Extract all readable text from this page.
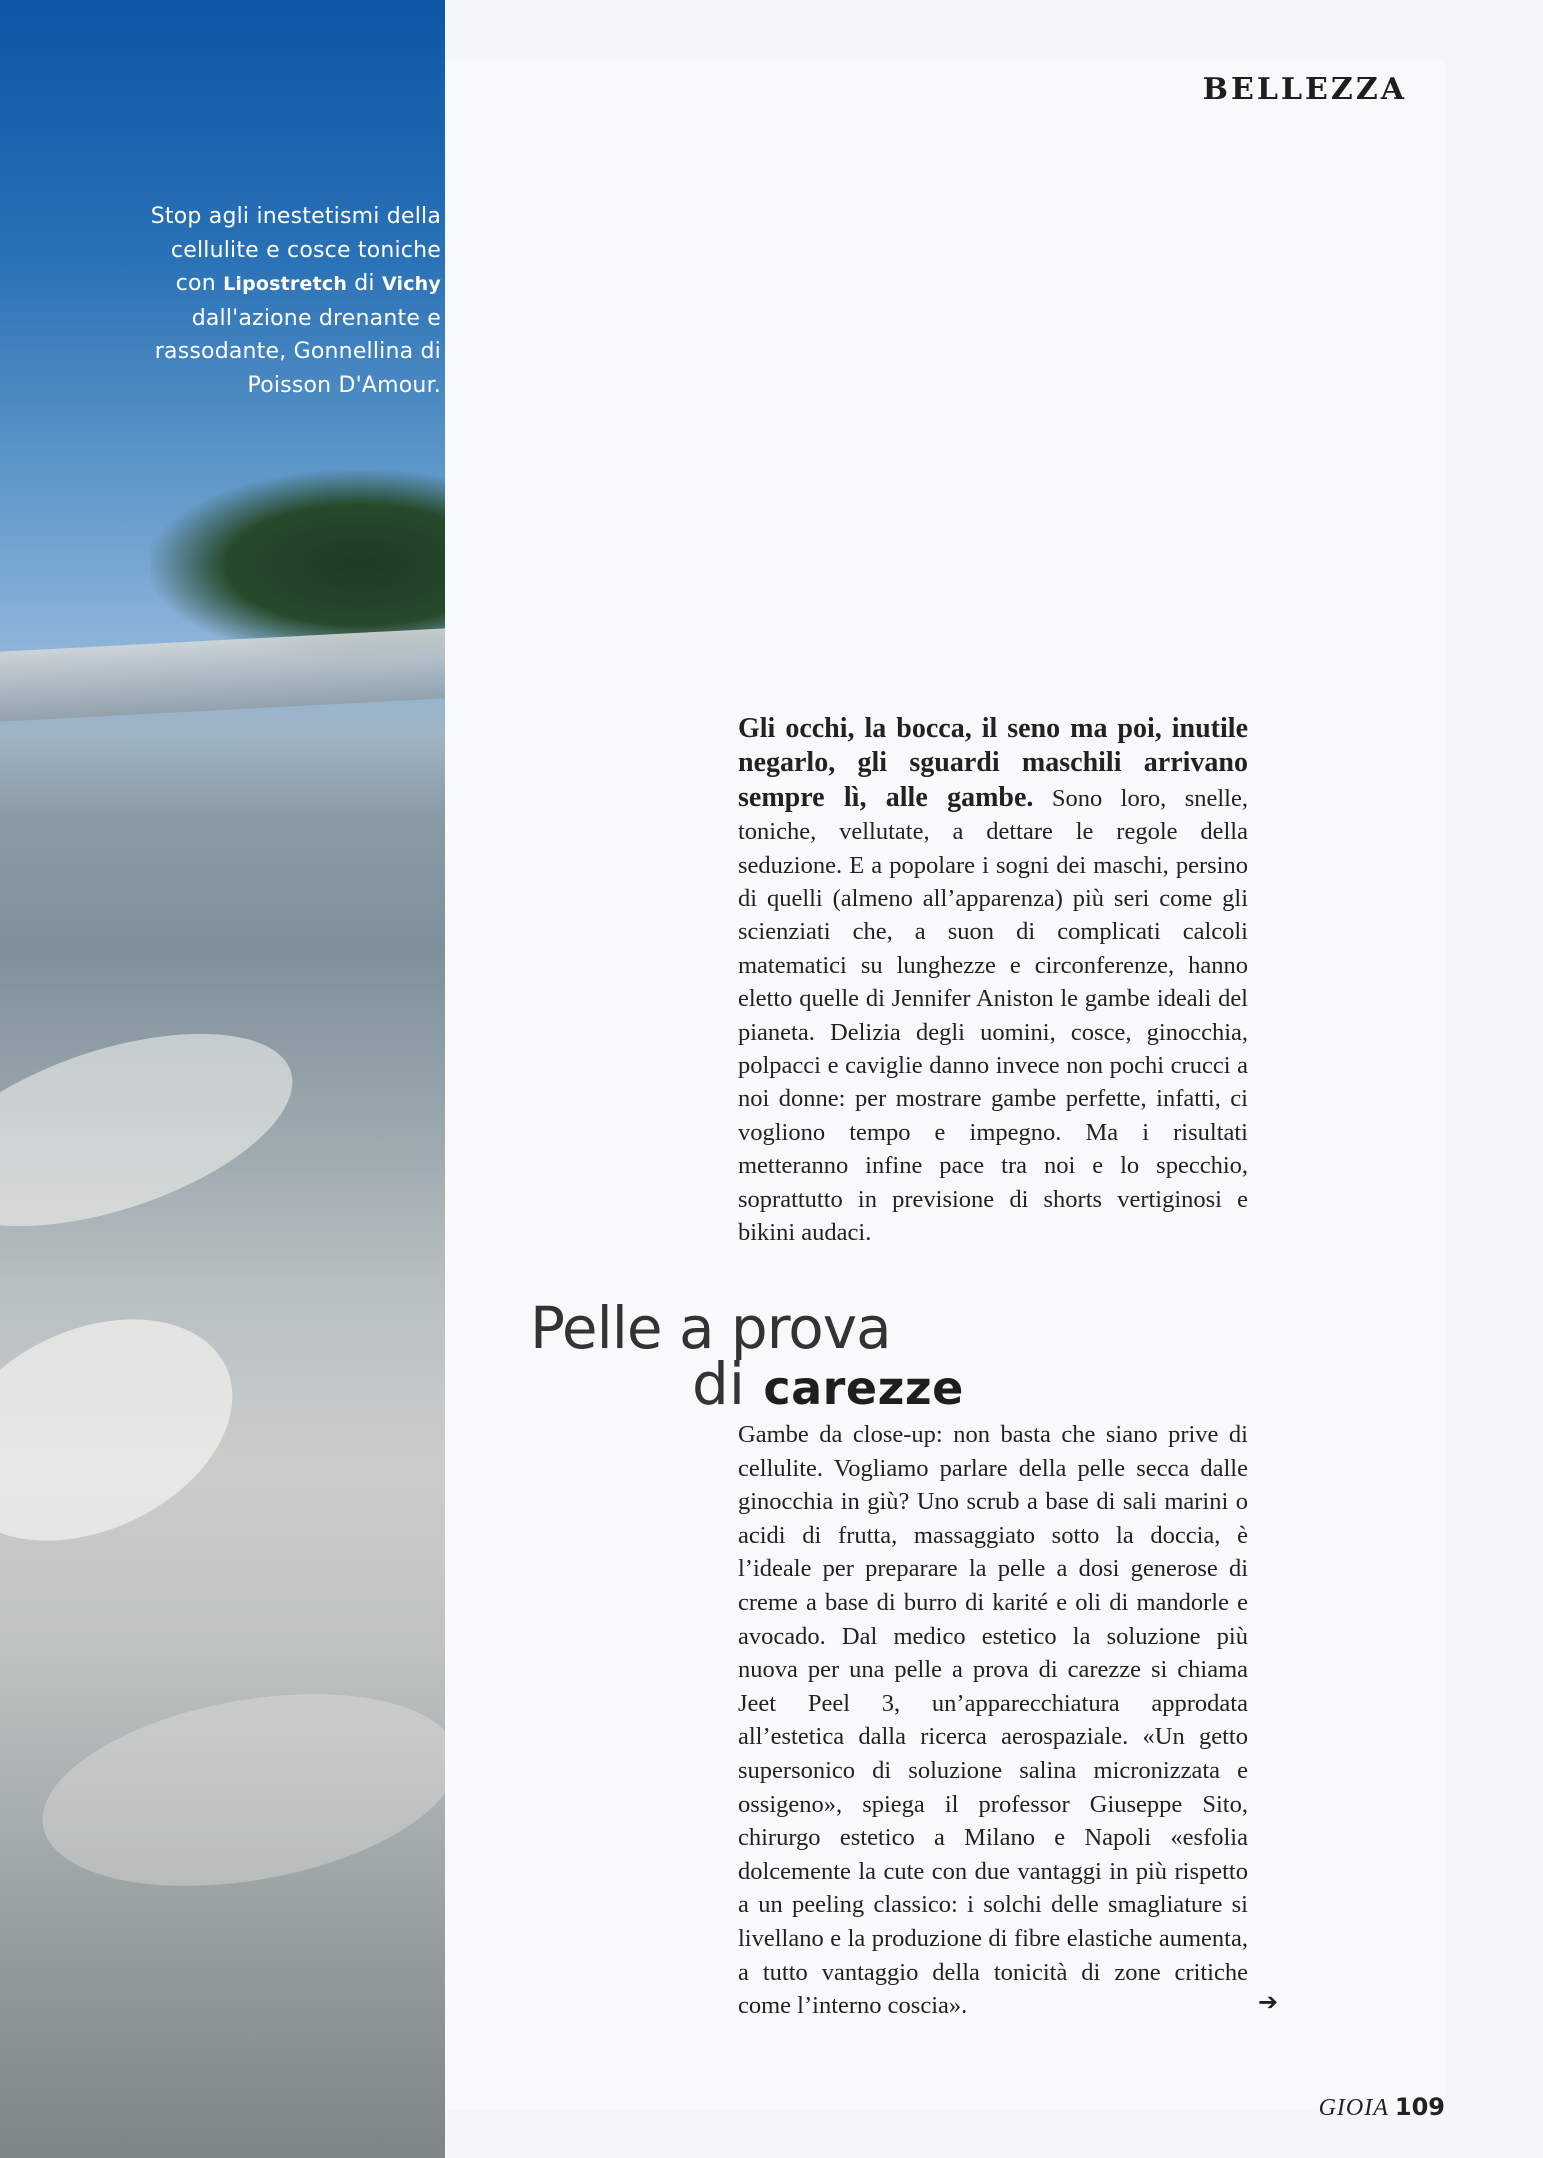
Stop agli inestetismi della cellulite e cosce toniche con Lipostretch di Vichy dall'azione drenante e rassodante, Gonnellina di Poisson D'Amour.
BELLEZZA
Gli occhi, la bocca, il seno ma poi, inutile negarlo, gli sguardi maschili arrivano sempre lì, alle gambe. Sono loro, snelle, toniche, vellutate, a dettare le regole della seduzione. E a popolare i sogni dei maschi, persino di quelli (almeno all’apparenza) più seri come gli scienziati che, a suon di complicati calcoli matematici su lunghezze e circonferenze, hanno eletto quelle di Jennifer Aniston le gambe ideali del pianeta. Delizia degli uomini, cosce, ginocchia, polpacci e caviglie danno invece non pochi crucci a noi donne: per mostrare gambe perfette, infatti, ci vogliono tempo e impegno. Ma i risultati metteranno infine pace tra noi e lo specchio, soprattutto in previsione di shorts vertiginosi e bikini audaci.
Pelle a prova
di carezze
Gambe da close-up: non basta che siano prive di cellulite. Vogliamo parlare della pelle secca dalle ginocchia in giù? Uno scrub a base di sali marini o acidi di frutta, massaggiato sotto la doccia, è l’ideale per preparare la pelle a dosi generose di creme a base di burro di karité e oli di mandorle e avocado. Dal medico estetico la soluzione più nuova per una pelle a prova di carezze si chiama Jeet Peel 3, un’apparecchiatura approdata all’estetica dalla ricerca aerospaziale. «Un getto supersonico di soluzione salina micronizzata e ossigeno», spiega il professor Giuseppe Sito, chirurgo estetico a Milano e Napoli «esfolia dolcemente la cute con due vantaggi in più rispetto a un peeling classico: i solchi delle smagliature si livellano e la produzione di fibre elastiche aumenta, a tutto vantaggio della tonicità di zone critiche come l’interno coscia».	➔
GIOIA 109
